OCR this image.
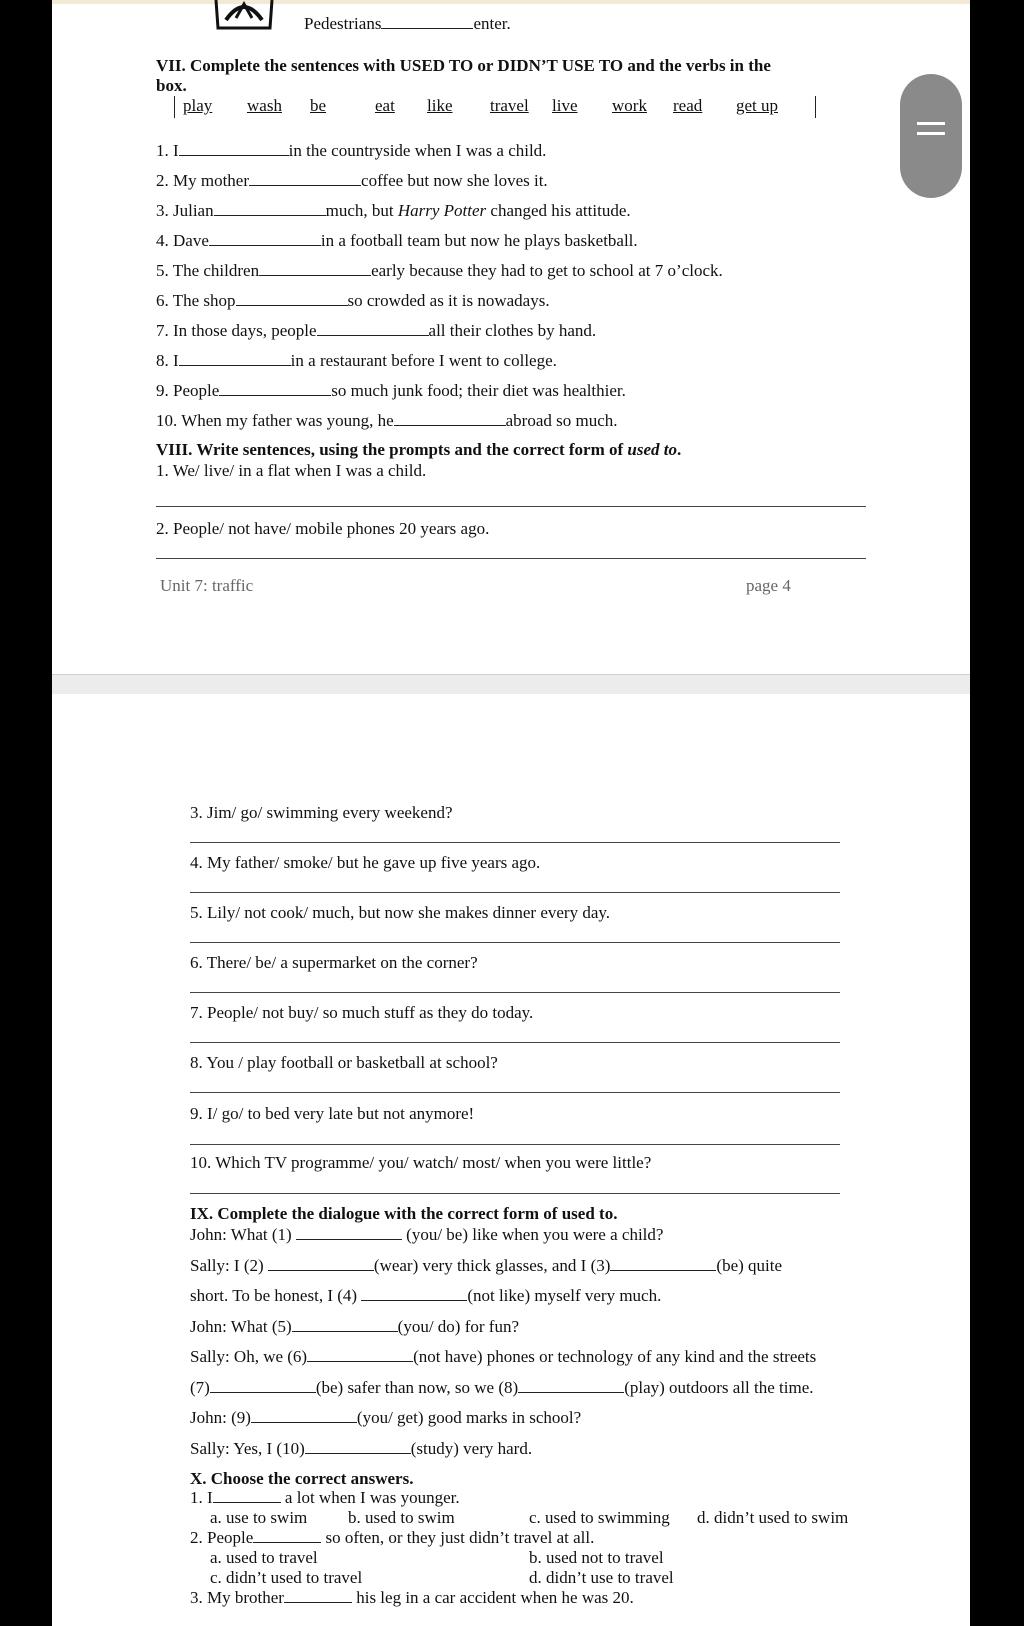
Pedestrians	enter.
VII. Complete the sentences with USED TO or DIDN’T USE TO and the verbs in the
box.
play wash be	eat like travel live work read get up
1. I	in the countryside when I was a child.
2. My mother	coffee but now she loves it.
3. Julian	much, but Harry Potter changed his attitude.
4. Dave	in a football team but now he plays basketball.
5. The children	early because they had to get to school at 7 o’clock.
6. The shop	so crowded as it is nowadays.
7. In those days, people	all their clothes by hand.
8. I	in a restaurant before I went to college.
9. People	so much junk food; their diet was healthier.
10. When my father was young, he	abroad so much.
VIII. Write sentences, using the prompts and the correct form of used to.
1. We/ live/ in a flat when I was a child.
2. People/ not have/ mobile phones 20 years ago.
Unit 7: traffic	page 4
3. Jim/ go/ swimming every weekend?
4. My father/ smoke/ but he gave up five years ago.
5. Lily/ not cook/ much, but now she makes dinner every day.
6. There/ be/ a supermarket on the corner?
7. People/ not buy/ so much stuff as they do today.
8. You / play football or basketball at school?
9. I/ go/ to bed very late but not anymore!
10. Which TV programme/ you/ watch/ most/ when you were little?
IX. Complete the dialogue with the correct form of used to.
John: What (1)	(you/ be) like when you were a child?
Sally: I (2)	(wear) very thick glasses, and I (3)	(be) quite
short. To be honest, I (4)	(not like) myself very much.
John: What (5)	(you/ do) for fun?
Sally: Oh, we (6)	(not have) phones or technology of any kind and the streets
(7)	(be) safer than now, so we (8)	(play) outdoors all the time.
John: (9)	(you/ get) good marks in school?
Sally: Yes, I (10)	(study) very hard.
X. Choose the correct answers.
1. I	a lot when I was younger.
a. use to swim b. used to swim	c. used to swimming d. didn’t used to swim
2. People	so often, or they just didn’t travel at all.
a. used to travel	b. used not to travel
c. didn’t used to travel	d. didn’t use to travel
3. My brother	his leg in a car accident when he was 20.
